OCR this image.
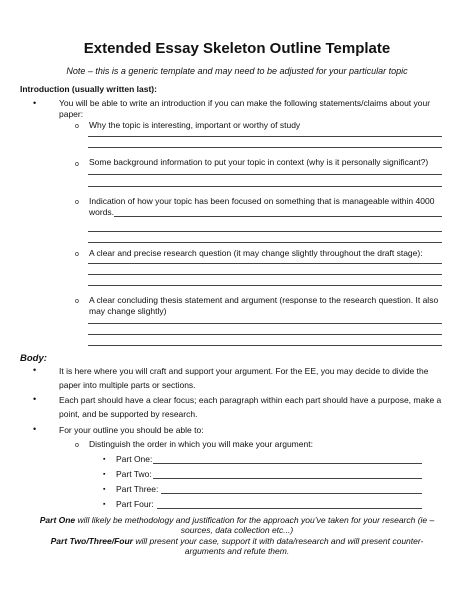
Extended Essay Skeleton Outline Template
Note – this is a generic template and may need to be adjusted for your particular topic
Introduction (usually written last):
•	You will be able to write an introduction if you can make the following statements/claims about your
paper:
o Why the topic is interesting, important or worthy of study
o Some background information to put your topic in context (why is it personally significant?)
o Indication of how your topic has been focused on something that is manageable within 4000
words.
o A clear and precise research question (it may change slightly throughout the draft stage):
o A clear concluding thesis statement and argument (response to the research question. It also
may change slightly)
Body:
•	It is here where you will craft and support your argument. For the EE, you may decide to divide the
paper into multiple parts or sections.
•	Each part should have a clear focus; each paragraph within each part should have a purpose, make a
point, and be supported by research.
•	For your outline you should be able to:
o Distinguish the order in which you will make your argument:
▪ Part One:
▪ Part Two:
▪ Part Three:
▪ Part Four:
Part One will likely be methodology and justification for the approach you’ve taken for your research (ie –
sources, data collection etc...)
Part Two/Three/Four will present your case, support it with data/research and will present counter-
arguments and refute them.
